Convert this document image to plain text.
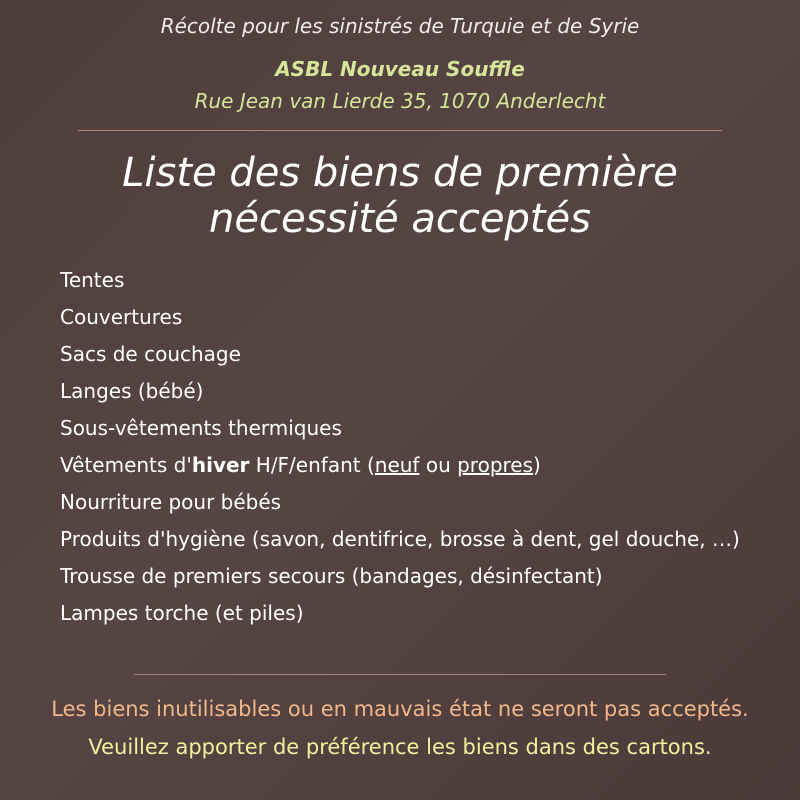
Récolte pour les sinistrés de Turquie et de Syrie
ASBL Nouveau Souffle
Rue Jean van Lierde 35, 1070 Anderlecht
Liste des biens de première
nécessité acceptés
Tentes
Couvertures
Sacs de couchage
Langes (bébé)
Sous-vêtements thermiques
Vêtements d'hiver H/F/enfant (neuf ou propres)
Nourriture pour bébés
Produits d'hygiène (savon, dentifrice, brosse à dent, gel douche, …)
Trousse de premiers secours (bandages, désinfectant)
Lampes torche (et piles)
Les biens inutilisables ou en mauvais état ne seront pas acceptés.
Veuillez apporter de préférence les biens dans des cartons.
